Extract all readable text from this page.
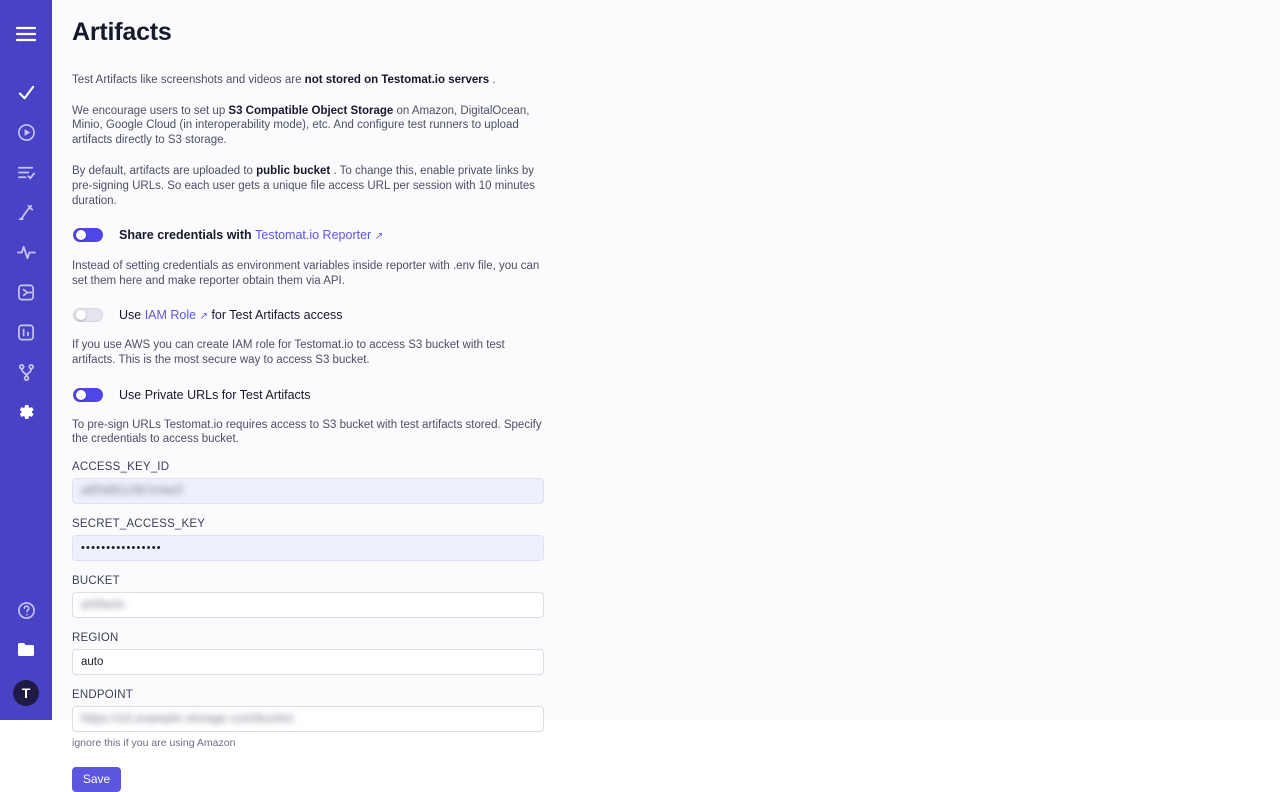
T
Artifacts

Test Artifacts like screenshots and videos are not stored on Testomat.io servers .

We encourage users to set up S3 Compatible Object Storage on Amazon, DigitalOcean, Minio, Google Cloud (in interoperability mode), etc. And configure test runners to upload artifacts directly to S3 storage.

By default, artifacts are uploaded to public bucket . To change this, enable private links by pre-signing URLs. So each user gets a unique file access URL per session with 10 minutes duration.

Share credentials with Testomat.io Reporter ↗

Instead of setting credentials as environment variables inside reporter with .env file, you can set them here and make reporter obtain them via API.

Use IAM Role ↗ for Test Artifacts access

If you use AWS you can create IAM role for Testomat.io to access S3 bucket with test artifacts. This is the most secure way to access S3 bucket.

Use Private URLs for Test Artifacts

To pre-sign URLs Testomat.io requires access to S3 bucket with test artifacts stored. Specify the credentials to access bucket.

ACCESS_KEY_ID
a8f3d91c0b7e4a2f
SECRET_ACCESS_KEY
••••••••••••••••
BUCKET
artifacts
REGION
auto
ENDPOINT
https://s3.example-storage.com/bucket
ignore this if you are using Amazon
Save
